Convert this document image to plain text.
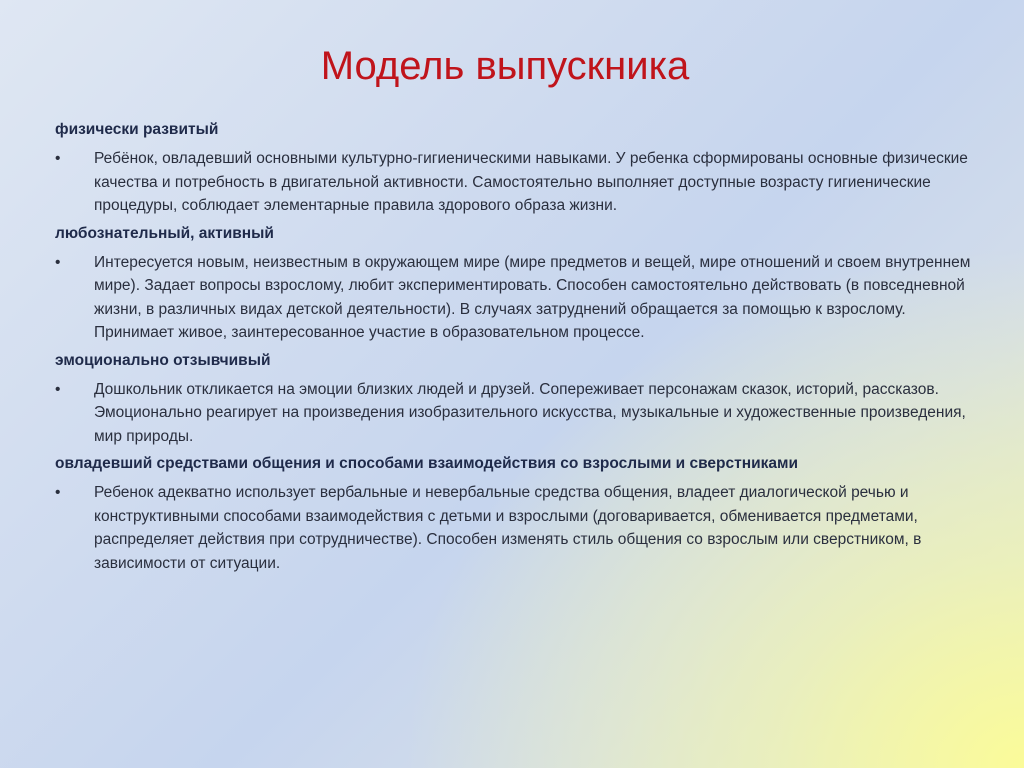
Модель выпускника
физически развитый
• Ребёнок, овладевший основными культурно-гигиеническими навыками. У ребенка сформированы основные физические качества и потребность в двигательной активности. Самостоятельно выполняет доступные возрасту гигиенические процедуры, соблюдает элементарные правила здорового образа жизни.
любознательный, активный
• Интересуется новым, неизвестным в окружающем мире (мире предметов и вещей, мире отношений и своем внутреннем мире). Задает вопросы взрослому, любит экспериментировать. Способен самостоятельно действовать (в повседневной жизни, в различных видах детской деятельности). В случаях затруднений обращается за помощью к взрослому. Принимает живое, заинтересованное участие в образовательном процессе.
эмоционально отзывчивый
• Дошкольник откликается на эмоции близких людей и друзей. Сопереживает персонажам сказок, историй, рассказов. Эмоционально реагирует на произведения изобразительного искусства, музыкальные и художественные произведения, мир природы.
овладевший средствами общения и способами взаимодействия со взрослыми и сверстниками
• Ребенок адекватно использует вербальные и невербальные средства общения, владеет диалогической речью и конструктивными способами взаимодействия с детьми и взрослыми (договаривается, обменивается предметами, распределяет действия при сотрудничестве). Способен изменять стиль общения со взрослым или сверстником, в зависимости от ситуации.
